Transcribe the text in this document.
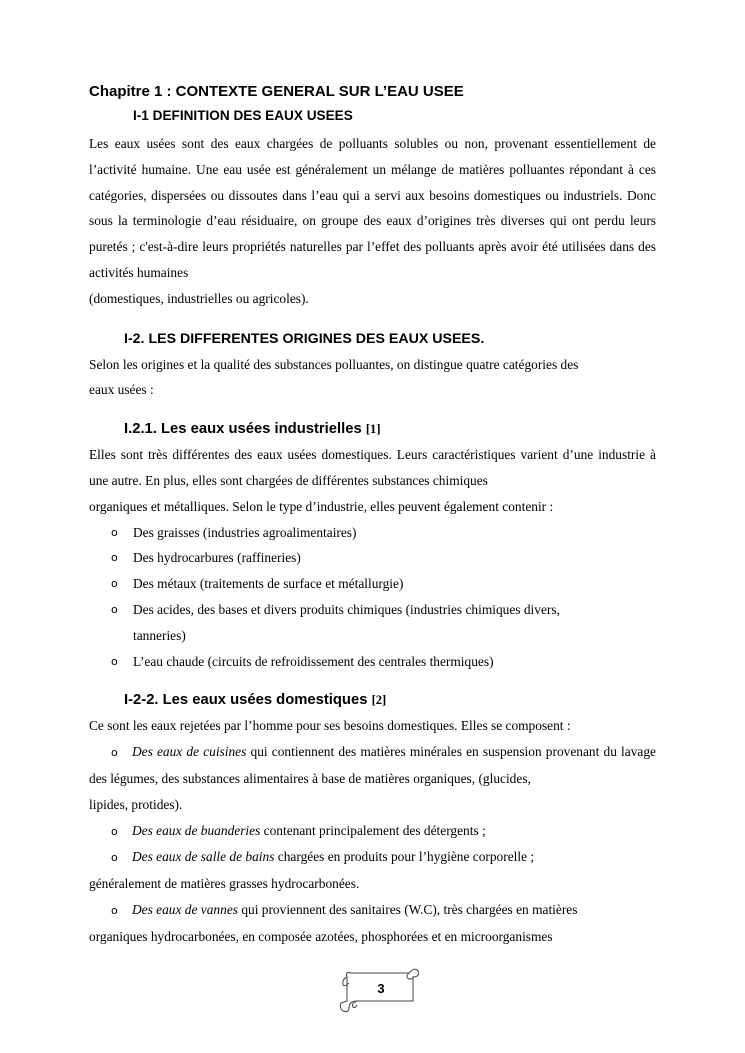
Chapitre 1 : CONTEXTE GENERAL SUR L’EAU USEE
I-1 DEFINITION DES EAUX USEES
Les eaux usées sont des eaux chargées de polluants solubles ou non, provenant essentiellement de l’activité humaine. Une eau usée est généralement un mélange de matières polluantes répondant à ces catégories, dispersées ou dissoutes dans l’eau qui a servi aux besoins domestiques ou industriels. Donc sous la terminologie d’eau résiduaire, on groupe des eaux d’origines très diverses qui ont perdu leurs puretés ; c'est-à-dire leurs propriétés naturelles par l’effet des polluants après avoir été utilisées dans des activités humaines
(domestiques, industrielles ou agricoles).
I-2. LES DIFFERENTES ORIGINES DES EAUX USEES.
Selon les origines et la qualité des substances polluantes, on distingue quatre catégories des
eaux usées :
I.2.1. Les eaux usées industrielles [1]
Elles sont très différentes des eaux usées domestiques. Leurs caractéristiques varient d’une industrie à une autre. En plus, elles sont chargées de différentes substances chimiques
organiques et métalliques. Selon le type d’industrie, elles peuvent également contenir :
o Des graisses (industries agroalimentaires)
o Des hydrocarbures (raffineries)
o Des métaux (traitements de surface et métallurgie)
o Des acides, des bases et divers produits chimiques (industries chimiques divers,
tanneries)
o L’eau chaude (circuits de refroidissement des centrales thermiques)
I-2-2. Les eaux usées domestiques [2]
Ce sont les eaux rejetées par l’homme pour ses besoins domestiques. Elles se composent :
o Des eaux de cuisines qui contiennent des matières minérales en suspension provenant du lavage des légumes, des substances alimentaires à base de matières organiques, (glucides,
lipides, protides).
o Des eaux de buanderies contenant principalement des détergents ;
o Des eaux de salle de bains chargées en produits pour l’hygiène corporelle ;
généralement de matières grasses hydrocarbonées.
o Des eaux de vannes qui proviennent des sanitaires (W.C), très chargées en matières
organiques hydrocarbonées, en composée azotées, phosphorées et en microorganismes
3
